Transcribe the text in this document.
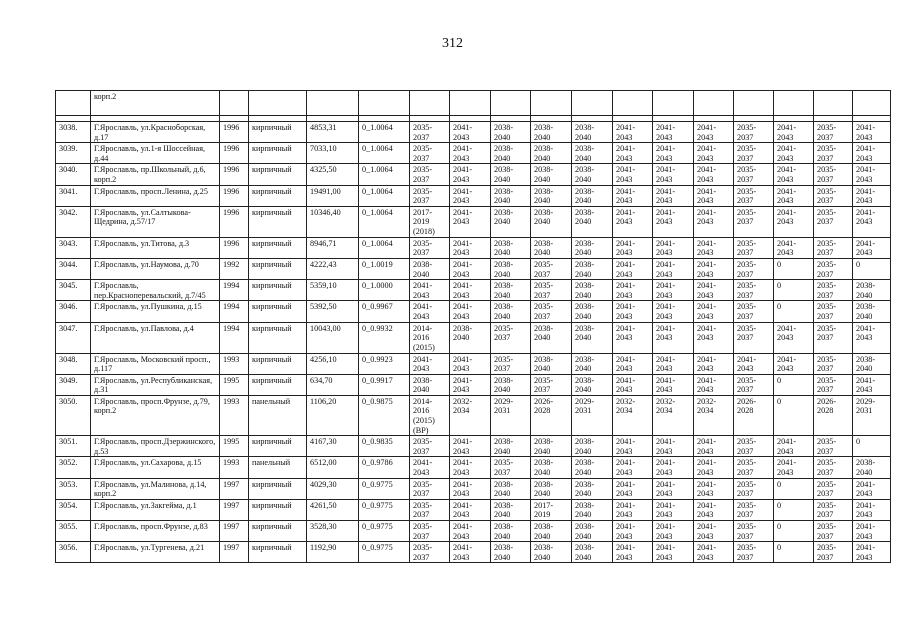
312
	корп.2																

3038.	Г.Ярославль, ул.Красноборская, д.17	1996	кирпичный	4853,31	0_1.0064	2035-2037	2041-2043	2038-2040	2038-2040	2038-2040	2041-2043	2041-2043	2041-2043	2035-2037	2041-2043	2035-2037	2041-2043
3039.	Г.Ярославль, ул.1-я Шоссейная, д.44	1996	кирпичный	7033,10	0_1.0064	2035-2037	2041-2043	2038-2040	2038-2040	2038-2040	2041-2043	2041-2043	2041-2043	2035-2037	2041-2043	2035-2037	2041-2043
3040.	Г.Ярославль, пр.Школьный, д.6, корп.2	1996	кирпичный	4325,50	0_1.0064	2035-2037	2041-2043	2038-2040	2038-2040	2038-2040	2041-2043	2041-2043	2041-2043	2035-2037	2041-2043	2035-2037	2041-2043
3041.	Г.Ярославль, просп.Ленина, д.25	1996	кирпичный	19491,00	0_1.0064	2035-2037	2041-2043	2038-2040	2038-2040	2038-2040	2041-2043	2041-2043	2041-2043	2035-2037	2041-2043	2035-2037	2041-2043
3042.	Г.Ярославль, ул.Салтыкова-Щедрина, д.57/17	1996	кирпичный	10346,40	0_1.0064	2017-2019 (2018)	2041-2043	2038-2040	2038-2040	2038-2040	2041-2043	2041-2043	2041-2043	2035-2037	2041-2043	2035-2037	2041-2043
3043.	Г.Ярославль, ул.Титова, д.3	1996	кирпичный	8946,71	0_1.0064	2035-2037	2041-2043	2038-2040	2038-2040	2038-2040	2041-2043	2041-2043	2041-2043	2035-2037	2041-2043	2035-2037	2041-2043
3044.	Г.Ярославль, ул.Наумова, д.70	1992	кирпичный	4222,43	0_1.0019	2038-2040	2041-2043	2038-2040	2035-2037	2038-2040	2041-2043	2041-2043	2041-2043	2035-2037	0	2035-2037	0
3045.	Г.Ярославль, пер.Красноперевальский, д.7/45	1994	кирпичный	5359,10	0_1.0000	2041-2043	2041-2043	2038-2040	2035-2037	2038-2040	2041-2043	2041-2043	2041-2043	2035-2037	0	2035-2037	2038-2040
3046.	Г.Ярославль, ул.Пушкина, д.15	1994	кирпичный	5392,50	0_0.9967	2041-2043	2041-2043	2038-2040	2035-2037	2038-2040	2041-2043	2041-2043	2041-2043	2035-2037	0	2035-2037	2038-2040
3047.	Г.Ярославль, ул.Павлова, д.4	1994	кирпичный	10043,00	0_0.9932	2014-2016 (2015)	2038-2040	2035-2037	2038-2040	2038-2040	2041-2043	2041-2043	2041-2043	2035-2037	2041-2043	2035-2037	2041-2043
3048.	Г.Ярославль, Московский просп., д.117	1993	кирпичный	4256,10	0_0.9923	2041-2043	2041-2043	2035-2037	2038-2040	2038-2040	2041-2043	2041-2043	2041-2043	2041-2043	2041-2043	2035-2037	2038-2040
3049.	Г.Ярославль, ул.Республиканская, д.31	1995	кирпичный	634,70	0_0.9917	2038-2040	2041-2043	2038-2040	2035-2037	2038-2040	2041-2043	2041-2043	2041-2043	2035-2037	0	2035-2037	2041-2043
3050.	Г.Ярославль, просп.Фрунзе, д.79, корп.2	1993	панельный	1106,20	0_0.9875	2014-2016 (2015) (ВР)	2032-2034	2029-2031	2026-2028	2029-2031	2032-2034	2032-2034	2032-2034	2026-2028	0	2026-2028	2029-2031
3051.	Г.Ярославль, просп.Дзержинского, д.53	1995	кирпичный	4167,30	0_0.9835	2035-2037	2041-2043	2038-2040	2038-2040	2038-2040	2041-2043	2041-2043	2041-2043	2035-2037	2041-2043	2035-2037	0
3052.	Г.Ярославль, ул.Сахарова, д.15	1993	панельный	6512,00	0_0.9786	2041-2043	2041-2043	2035-2037	2038-2040	2038-2040	2041-2043	2041-2043	2041-2043	2035-2037	2041-2043	2035-2037	2038-2040
3053.	Г.Ярославль, ул.Малинова, д.14, корп.2	1997	кирпичный	4029,30	0_0.9775	2035-2037	2041-2043	2038-2040	2038-2040	2038-2040	2041-2043	2041-2043	2041-2043	2035-2037	0	2035-2037	2041-2043
3054.	Г.Ярославль, ул.Закгейма, д.1	1997	кирпичный	4261,50	0_0.9775	2035-2037	2041-2043	2038-2040	2017-2019	2038-2040	2041-2043	2041-2043	2041-2043	2035-2037	0	2035-2037	2041-2043
3055.	Г.Ярославль, просп.Фрунзе, д.83	1997	кирпичный	3528,30	0_0.9775	2035-2037	2041-2043	2038-2040	2038-2040	2038-2040	2041-2043	2041-2043	2041-2043	2035-2037	0	2035-2037	2041-2043
3056.	Г.Ярославль, ул.Тургенева, д.21	1997	кирпичный	1192,90	0_0.9775	2035-2037	2041-2043	2038-2040	2038-2040	2038-2040	2041-2043	2041-2043	2041-2043	2035-2037	0	2035-2037	2041-2043
